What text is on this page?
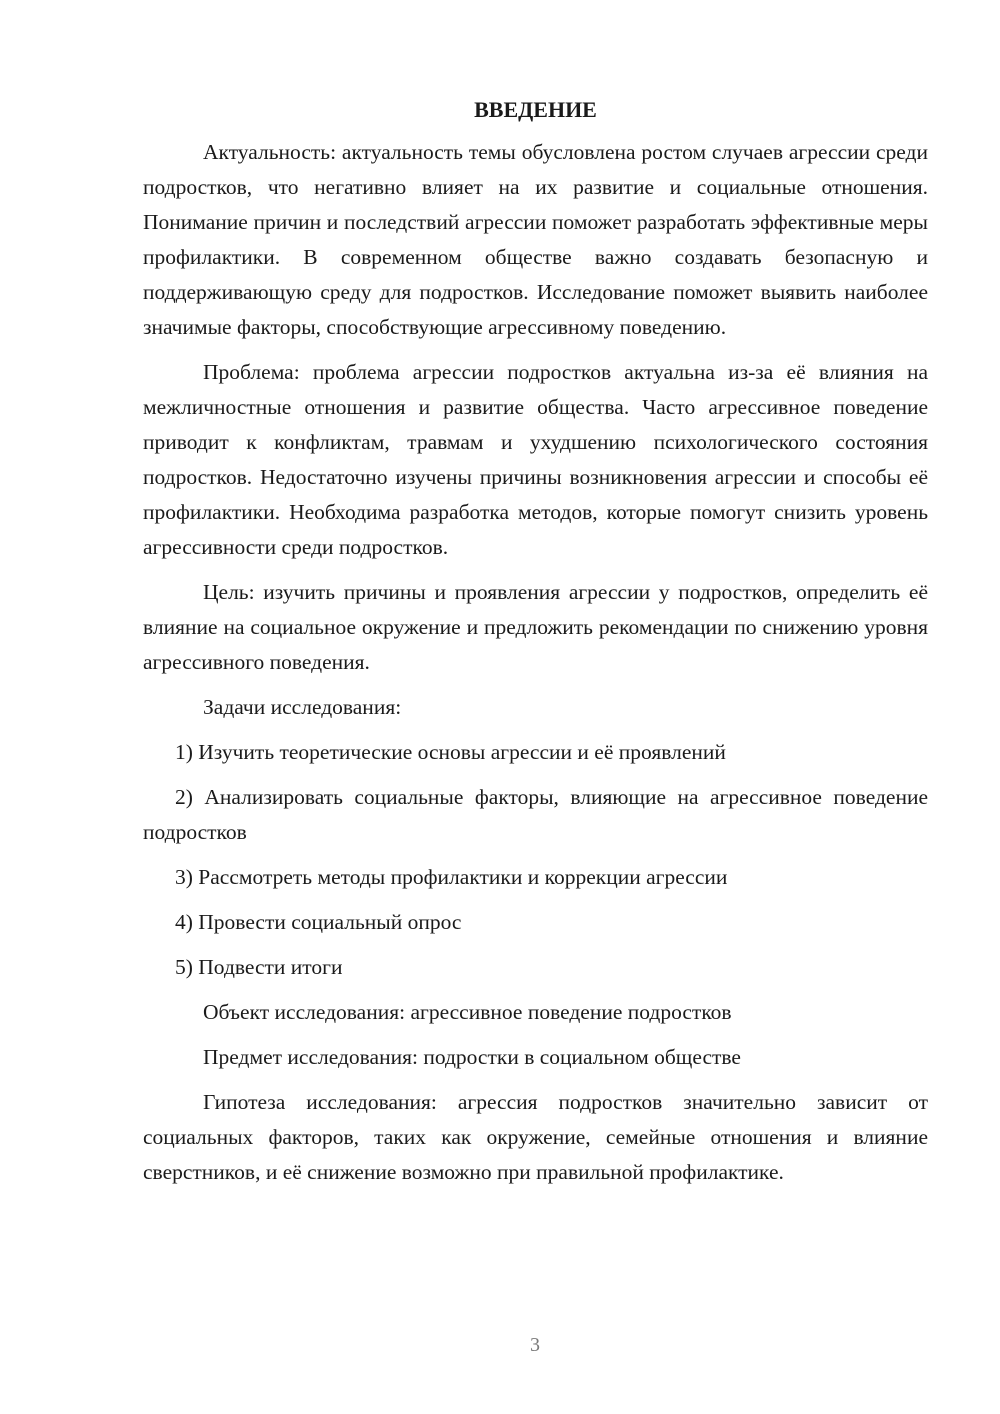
ВВЕДЕНИЕ
Актуальность: актуальность темы обусловлена ростом случаев агрессии среди подростков, что негативно влияет на их развитие и социальные отношения. Понимание причин и последствий агрессии поможет разработать эффективные меры профилактики. В современном обществе важно создавать безопасную и поддерживающую среду для подростков. Исследование поможет выявить наиболее значимые факторы, способствующие агрессивному поведению.
Проблема: проблема агрессии подростков актуальна из-за её влияния на межличностные отношения и развитие общества. Часто агрессивное поведение приводит к конфликтам, травмам и ухудшению психологического состояния подростков. Недостаточно изучены причины возникновения агрессии и способы её профилактики. Необходима разработка методов, которые помогут снизить уровень агрессивности среди подростков.
Цель: изучить причины и проявления агрессии у подростков, определить её влияние на социальное окружение и предложить рекомендации по снижению уровня агрессивного поведения.
Задачи исследования:
1) Изучить теоретические основы агрессии и её проявлений
2) Анализировать социальные факторы, влияющие на агрессивное поведение подростков
3) Рассмотреть методы профилактики и коррекции агрессии
4) Провести социальный опрос
5) Подвести итоги
Объект исследования: агрессивное поведение подростков
Предмет исследования: подростки в социальном обществе
Гипотеза исследования: агрессия подростков значительно зависит от социальных факторов, таких как окружение, семейные отношения и влияние сверстников, и её снижение возможно при правильной профилактике.
3
